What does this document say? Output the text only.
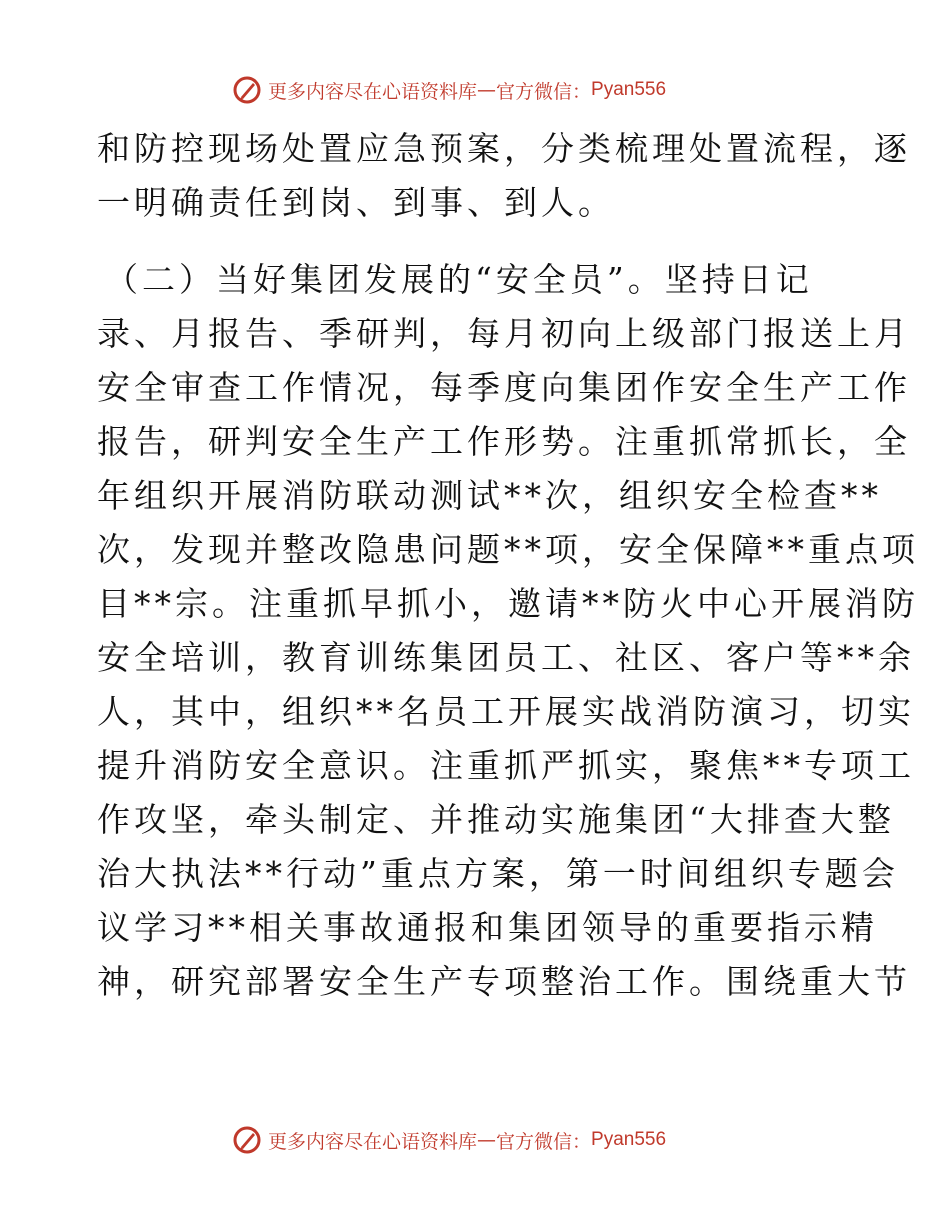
更多内容尽在心语资料库 — 官方微信： Pyan556
和防控现场处置应急预案，分类梳理处置流程，逐
一明确责任到岗、到事、到人。
（二）当好集团发展的“安全员”。坚持日记
录、月报告、季研判，每月初向上级部门报送上月
安全审查工作情况，每季度向集团作安全生产工作
报告，研判安全生产工作形势。注重抓常抓长，全
年组织开展消防联动测试**次，组织安全检查**
次，发现并整改隐患问题**项，安全保障**重点项
目**宗。注重抓早抓小，邀请**防火中心开展消防
安全培训，教育训练集团员工、社区、客户等**余
人，其中，组织**名员工开展实战消防演习，切实
提升消防安全意识。注重抓严抓实，聚焦**专项工
作攻坚，牵头制定、并推动实施集团“大排查大整
治大执法**行动”重点方案，第一时间组织专题会
议学习**相关事故通报和集团领导的重要指示精
神，研究部署安全生产专项整治工作。围绕重大节
更多内容尽在心语资料库 — 官方微信： Pyan556
